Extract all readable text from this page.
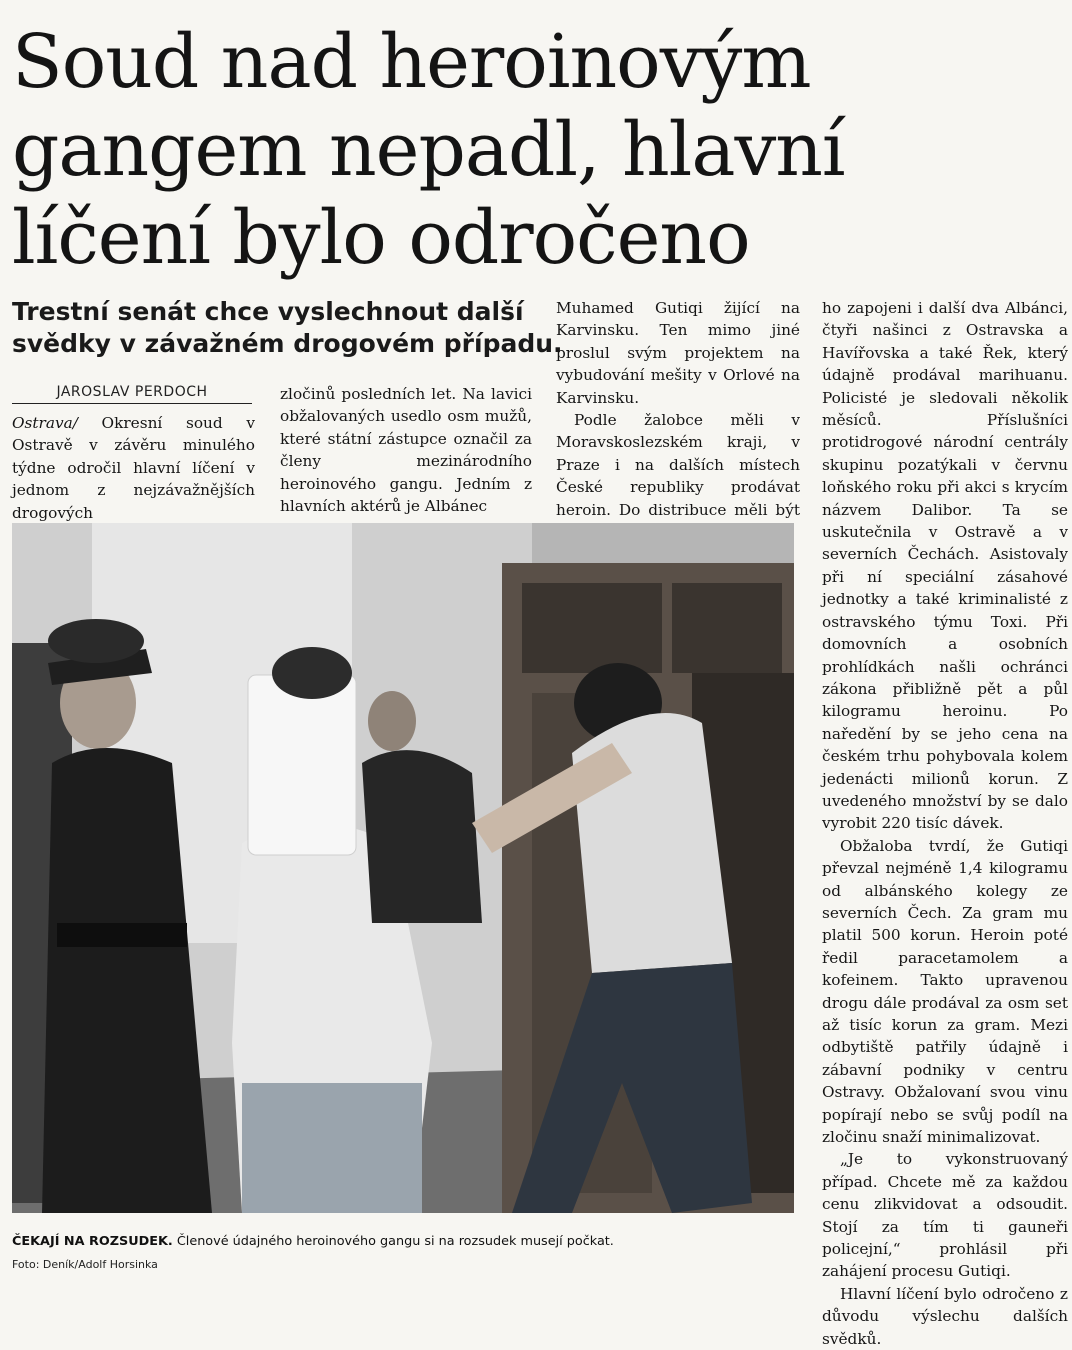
Soud nad heroinovým
gangem nepadl, hlavní
líčení bylo odročeno
Trestní senát chce vyslechnout další
svědky v závažném drogovém případu.
JAROSLAV PERDOCH

Ostrava/ Okresní soud v Ostravě v závěru minulého týdne odročil hlavní líčení v jednom z nejzávažnějších drogových

zločinů posledních let. Na lavici obžalovaných usedlo osm mužů, které státní zástupce označil za členy mezinárodního heroinového gangu. Jedním z hlavních aktérů je Albánec

Muhamed Gutiqi žijící na Karvinsku. Ten mimo jiné proslul svým projektem na vybudování mešity v Orlové na Karvinsku.

Podle žalobce měli v Moravskoslezském kraji, v Praze i na dalších místech České republiky prodávat heroin. Do distribuce měli být

ho zapojeni i další dva Albánci, čtyři našinci z Ostravska a Havířovska a také Řek, který údajně prodával marihuanu. Policisté je sledovali několik měsíců. Příslušníci protidrogové národní centrály skupinu pozatýkali v červnu loňského roku při akci s krycím názvem Dalibor. Ta se uskutečnila v Ostravě a v severních Čechách. Asistovaly při ní speciální zásahové jednotky a také kriminalisté z ostravského týmu Toxi. Při domovních a osobních prohlídkách našli ochránci zákona přibližně pět a půl kilogramu heroinu. Po naředění by se jeho cena na českém trhu pohybovala kolem jedenácti milionů korun. Z uvedeného množství by se dalo vyrobit 220 tisíc dávek.

Obžaloba tvrdí, že Gutiqi převzal nejméně 1,4 kilogramu od albánského kolegy ze severních Čech. Za gram mu platil 500 korun. Heroin poté ředil paracetamolem a kofeinem. Takto upravenou drogu dále prodával za osm set až tisíc korun za gram. Mezi odbytiště patřily údajně i zábavní podniky v centru Ostravy. Obžalovaní svou vinu popírají nebo se svůj podíl na zločinu snaží minimalizovat.

„Je to vykonstruovaný případ. Chcete mě za každou cenu zlikvidovat a odsoudit. Stojí za tím ti gauneři policejní,“ prohlásil při zahájení procesu Gutiqi.

Hlavní líčení bylo odročeno z důvodu výslechu dalších svědků.

ČEKAJÍ NA ROZSUDEK. Členové údajného heroinového gangu si na rozsudek musejí počkat.
Foto: Deník/Adolf Horsinka
